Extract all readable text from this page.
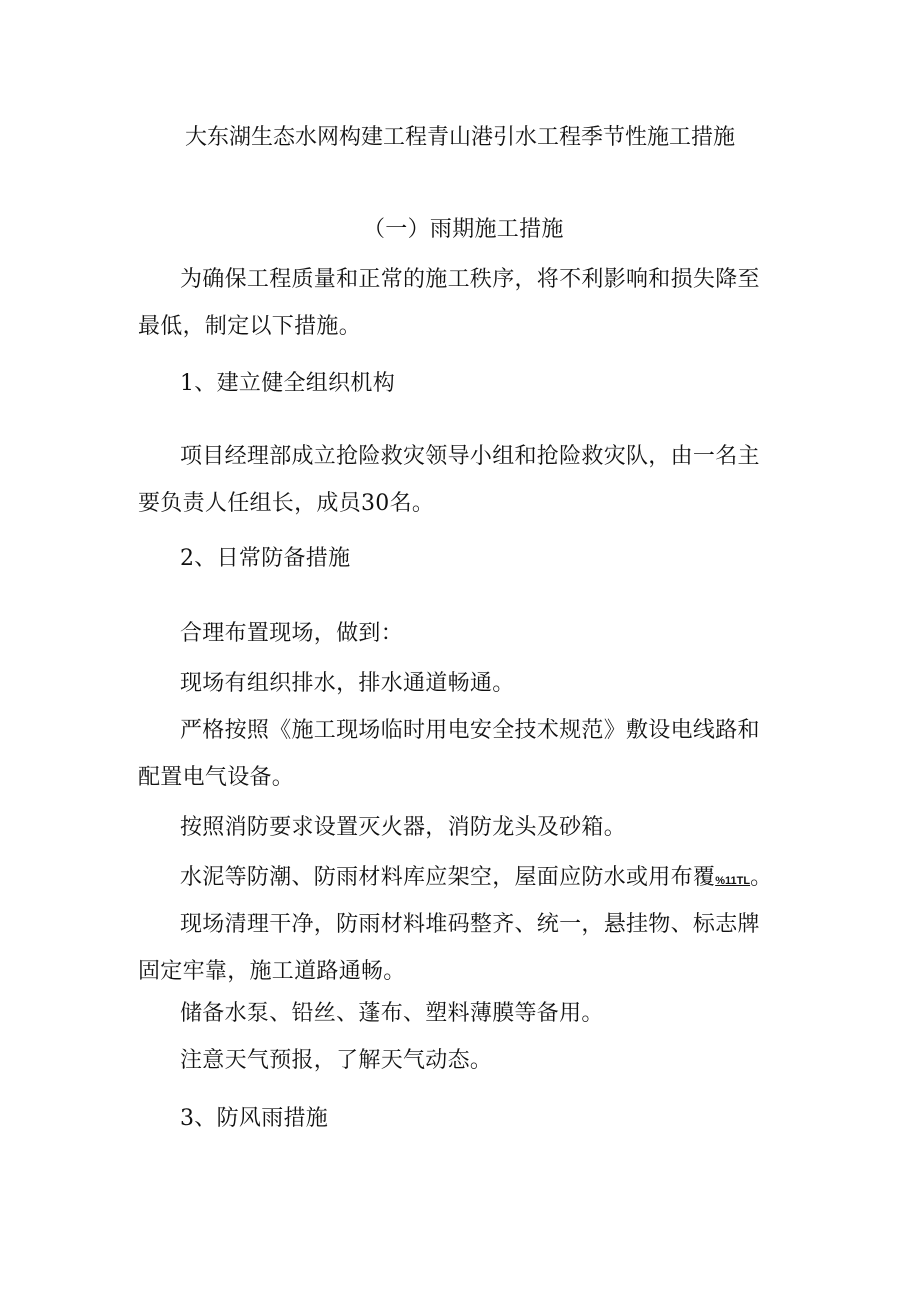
大东湖生态水网构建工程青山港引水工程季节性施工措施
（一）雨期施工措施
为确保工程质量和正常的施工秩序，将不利影响和损失降至
最低，制定以下措施。
1、建立健全组织机构
项目经理部成立抢险救灾领导小组和抢险救灾队，由一名主
要负责人任组长，成员30名。
2、日常防备措施
合理布置现场，做到：
现场有组织排水，排水通道畅通。
严格按照《施工现场临时用电安全技术规范》敷设电线路和
配置电气设备。
按照消防要求设置灭火器，消防龙头及砂箱。
水泥等防潮、防雨材料库应架空，屋面应防水或用布覆%11TL。
现场清理干净，防雨材料堆码整齐、统一，悬挂物、标志牌
固定牢靠，施工道路通畅。
储备水泵、铅丝、蓬布、塑料薄膜等备用。
注意天气预报，了解天气动态。
3、防风雨措施
